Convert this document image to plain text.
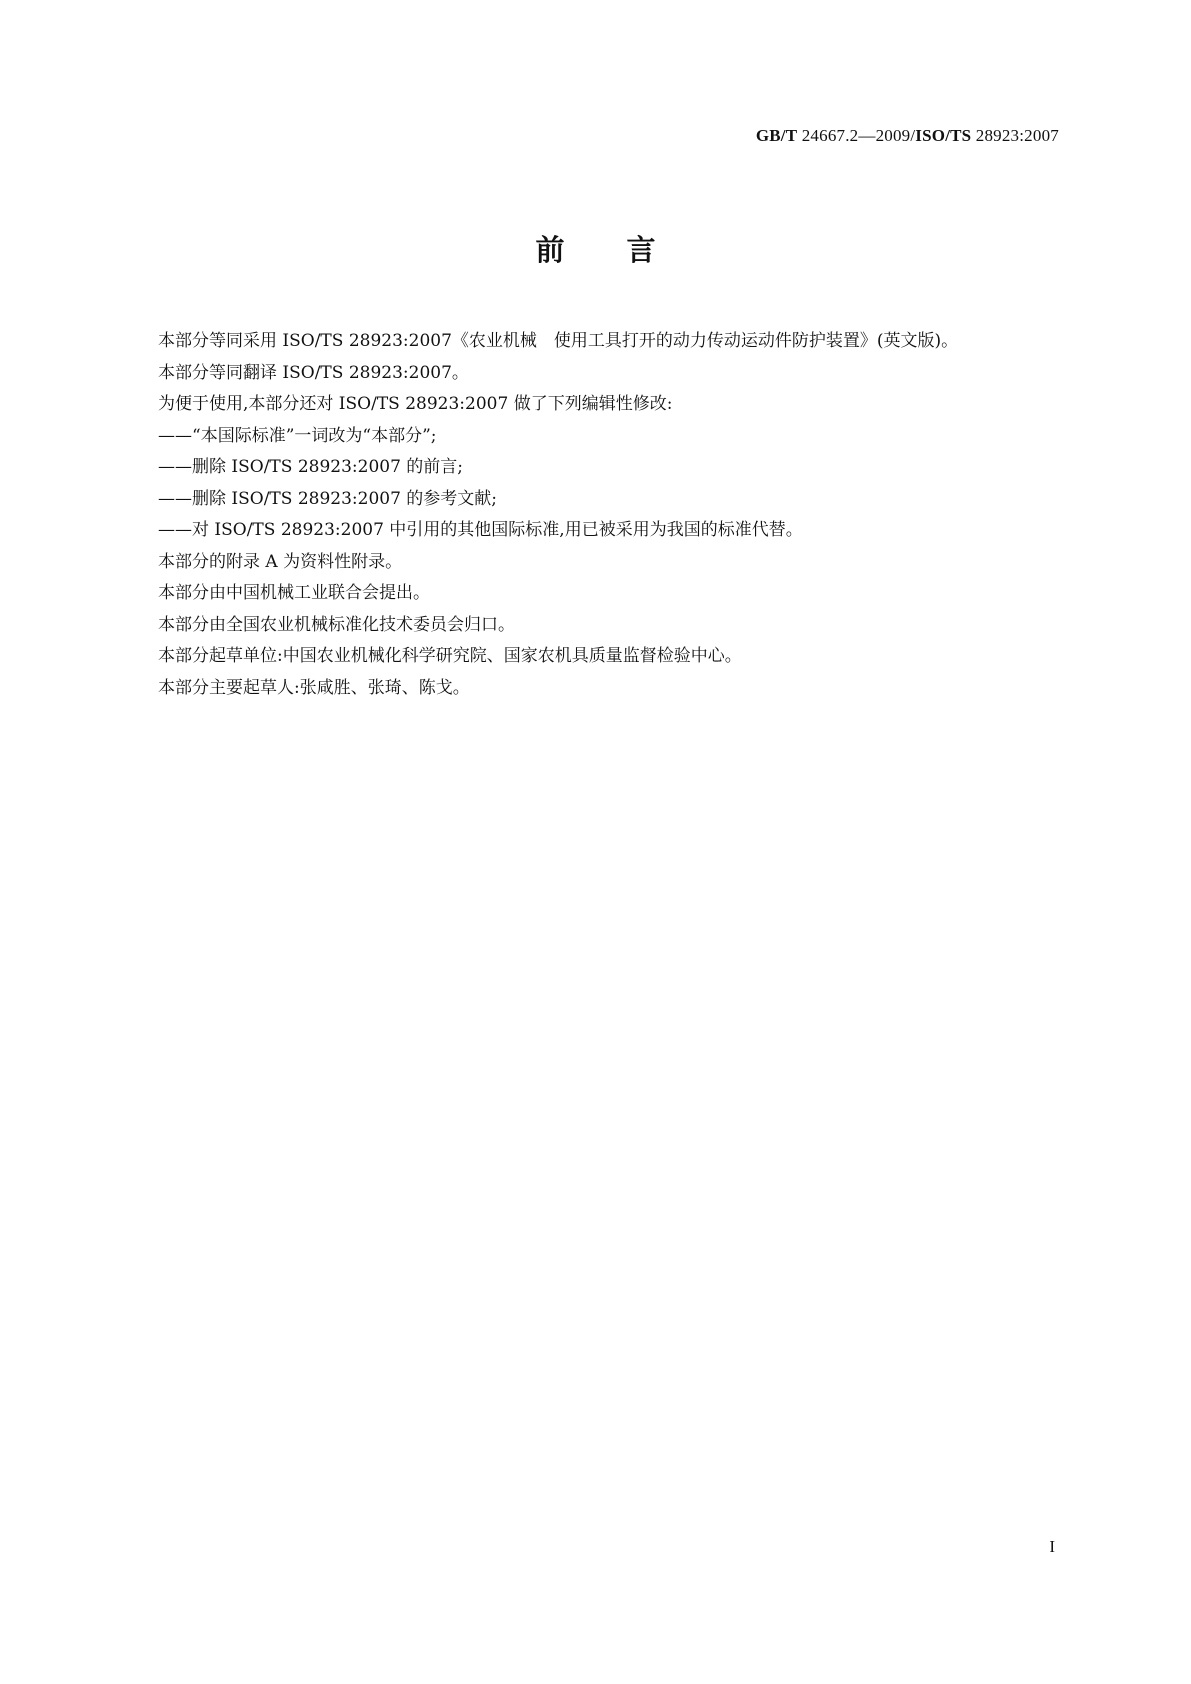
GB/T 24667.2—2009/ISO/TS 28923:2007
前言

本部分等同采用 ISO/TS 28923:2007《农业机械　使用工具打开的动力传动运动件防护装置》(英文版)。

本部分等同翻译 ISO/TS 28923:2007。

为便于使用,本部分还对 ISO/TS 28923:2007 做了下列编辑性修改:

——“本国际标准”一词改为“本部分”;

——删除 ISO/TS 28923:2007 的前言;

——删除 ISO/TS 28923:2007 的参考文献;

——对 ISO/TS 28923:2007 中引用的其他国际标准,用已被采用为我国的标准代替。

本部分的附录 A 为资料性附录。

本部分由中国机械工业联合会提出。

本部分由全国农业机械标准化技术委员会归口。

本部分起草单位:中国农业机械化科学研究院、国家农机具质量监督检验中心。

本部分主要起草人:张咸胜、张琦、陈戈。

I
